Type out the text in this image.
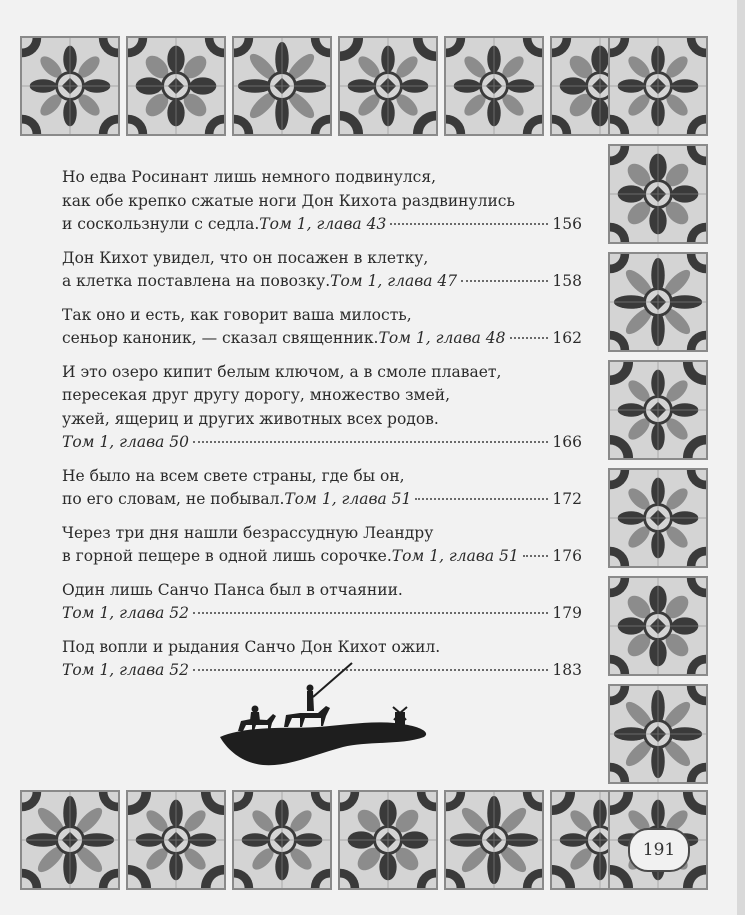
Но едва Росинант лишь немного подвинулся,
как обе крепко сжатые ноги Дон Кихота раздвинулись
и соскользнули с седла. Том 1, глава 43	156
Дон Кихот увидел, что он посажен в клетку,
а клетка поставлена на повозку. Том 1, глава 47	158
Так оно и есть, как говорит ваша милость,
сеньор каноник, — сказал священник. Том 1, глава 48	162
И это озеро кипит белым ключом, а в смоле плавает,
пересекая друг другу дорогу, множество змей,
ужей, ящериц и других животных всех родов.
Том 1, глава 50	166
Не было на всем свете страны, где бы он,
по его словам, не побывал. Том 1, глава 51	172
Через три дня нашли безрассудную Леандру
в горной пещере в одной лишь сорочке. Том 1, глава 51 176
Один лишь Санчо Панса был в отчаянии.
Том 1, глава 52	179
Под вопли и рыдания Санчо Дон Кихот ожил.
Том 1, глава 52	183
191
